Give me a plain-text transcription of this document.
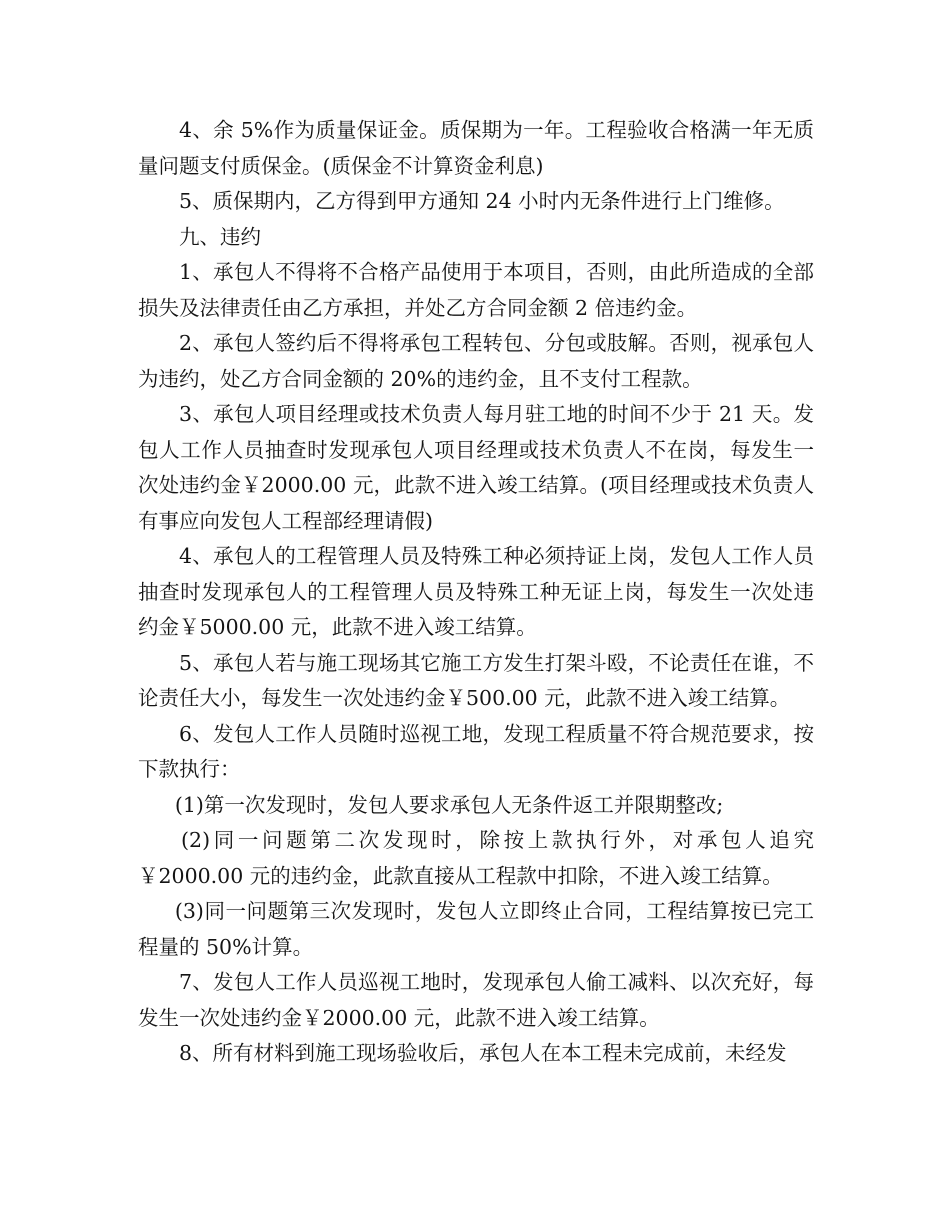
4、余 5%作为质量保证金。质保期为一年。工程验收合格满一年无质量问题支付质保金。(质保金不计算资金利息)

5、质保期内，乙方得到甲方通知 24 小时内无条件进行上门维修。

九、违约

1、承包人不得将不合格产品使用于本项目，否则，由此所造成的全部损失及法律责任由乙方承担，并处乙方合同金额 2 倍违约金。

2、承包人签约后不得将承包工程转包、分包或肢解。否则，视承包人为违约，处乙方合同金额的 20%的违约金，且不支付工程款。

3、承包人项目经理或技术负责人每月驻工地的时间不少于 21 天。发包人工作人员抽查时发现承包人项目经理或技术负责人不在岗，每发生一次处违约金￥2000.00 元，此款不进入竣工结算。(项目经理或技术负责人有事应向发包人工程部经理请假)

4、承包人的工程管理人员及特殊工种必须持证上岗，发包人工作人员抽查时发现承包人的工程管理人员及特殊工种无证上岗，每发生一次处违约金￥5000.00 元，此款不进入竣工结算。

5、承包人若与施工现场其它施工方发生打架斗殴，不论责任在谁，不论责任大小，每发生一次处违约金￥500.00 元，此款不进入竣工结算。

6、发包人工作人员随时巡视工地，发现工程质量不符合规范要求，按下款执行：

(1)第一次发现时，发包人要求承包人无条件返工并限期整改;

(2)同一问题第二次发现时，除按上款执行外，对承包人追究￥2000.00 元的违约金，此款直接从工程款中扣除，不进入竣工结算。

(3)同一问题第三次发现时，发包人立即终止合同，工程结算按已完工程量的 50%计算。

7、发包人工作人员巡视工地时，发现承包人偷工减料、以次充好，每发生一次处违约金￥2000.00 元，此款不进入竣工结算。

8、所有材料到施工现场验收后，承包人在本工程未完成前，未经发
